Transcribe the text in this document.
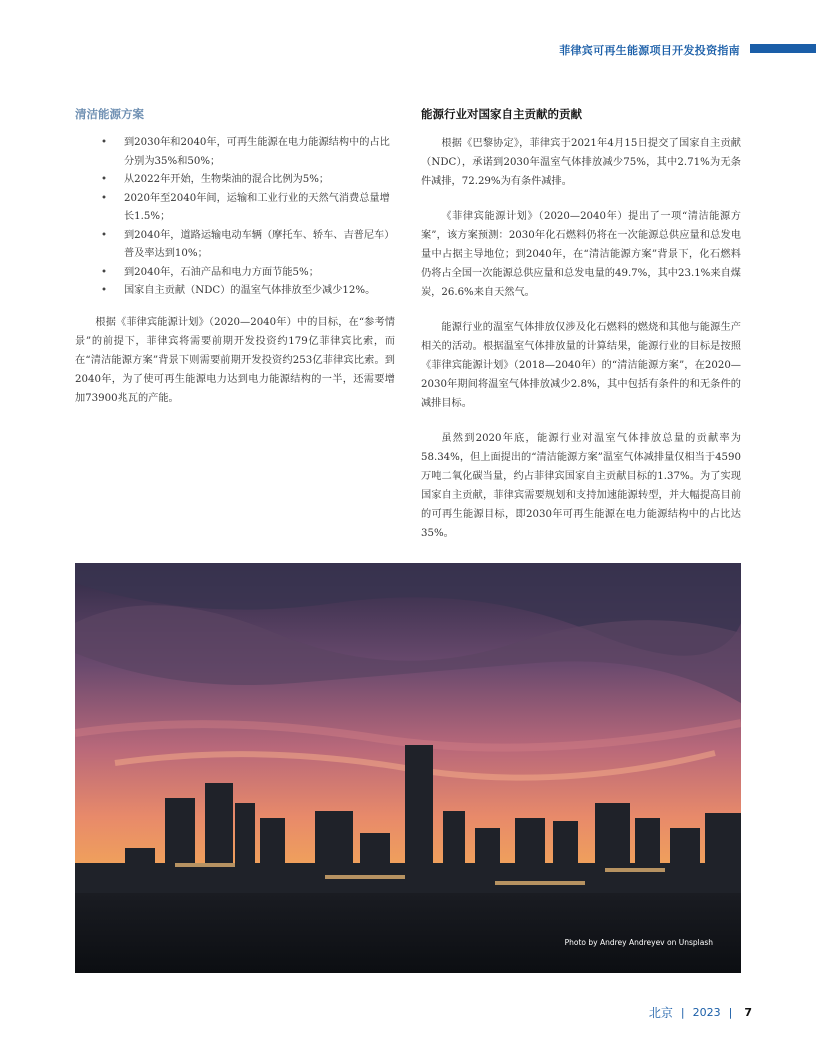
菲律宾可再生能源项目开发投资指南
清洁能源方案
• 到2030年和2040年，可再生能源在电力能源结构中的占比分别为35%和50%；
• 从2022年开始，生物柴油的混合比例为5%；
• 2020年至2040年间，运输和工业行业的天然气消费总量增长1.5%；
• 到2040年，道路运输电动车辆（摩托车、轿车、吉普尼车）普及率达到10%；
• 到2040年，石油产品和电力方面节能5%；
• 国家自主贡献（NDC）的温室气体排放至少减少12%。

根据《菲律宾能源计划》（2020—2040年）中的目标，在“参考情景”的前提下，菲律宾将需要前期开发投资约179亿菲律宾比索，而在“清洁能源方案”背景下则需要前期开发投资约253亿菲律宾比索。到2040年，为了使可再生能源电力达到电力能源结构的一半，还需要增加73900兆瓦的产能。

能源行业对国家自主贡献的贡献

根据《巴黎协定》，菲律宾于2021年4月15日提交了国家自主贡献（NDC），承诺到2030年温室气体排放减少75%，其中2.71%为无条件减排，72.29%为有条件减排。

《菲律宾能源计划》（2020—2040年）提出了一项“清洁能源方案”，该方案预测：2030年化石燃料仍将在一次能源总供应量和总发电量中占据主导地位；到2040年，在“清洁能源方案”背景下，化石燃料仍将占全国一次能源总供应量和总发电量的49.7%，其中23.1%来自煤炭，26.6%来自天然气。

能源行业的温室气体排放仅涉及化石燃料的燃烧和其他与能源生产相关的活动。根据温室气体排放量的计算结果，能源行业的目标是按照《菲律宾能源计划》（2018—2040年）的“清洁能源方案”，在2020—2030年期间将温室气体排放减少2.8%，其中包括有条件的和无条件的减排目标。

虽然到2020年底，能源行业对温室气体排放总量的贡献率为58.34%，但上面提出的“清洁能源方案”温室气体减排量仅相当于4590万吨二氧化碳当量，约占菲律宾国家自主贡献目标的1.37%。为了实现国家自主贡献，菲律宾需要规划和支持加速能源转型，并大幅提高目前的可再生能源目标，即2030年可再生能源在电力能源结构中的占比达35%。

Photo by Andrey Andreyev on Unsplash
北京 | 2023 | 7
